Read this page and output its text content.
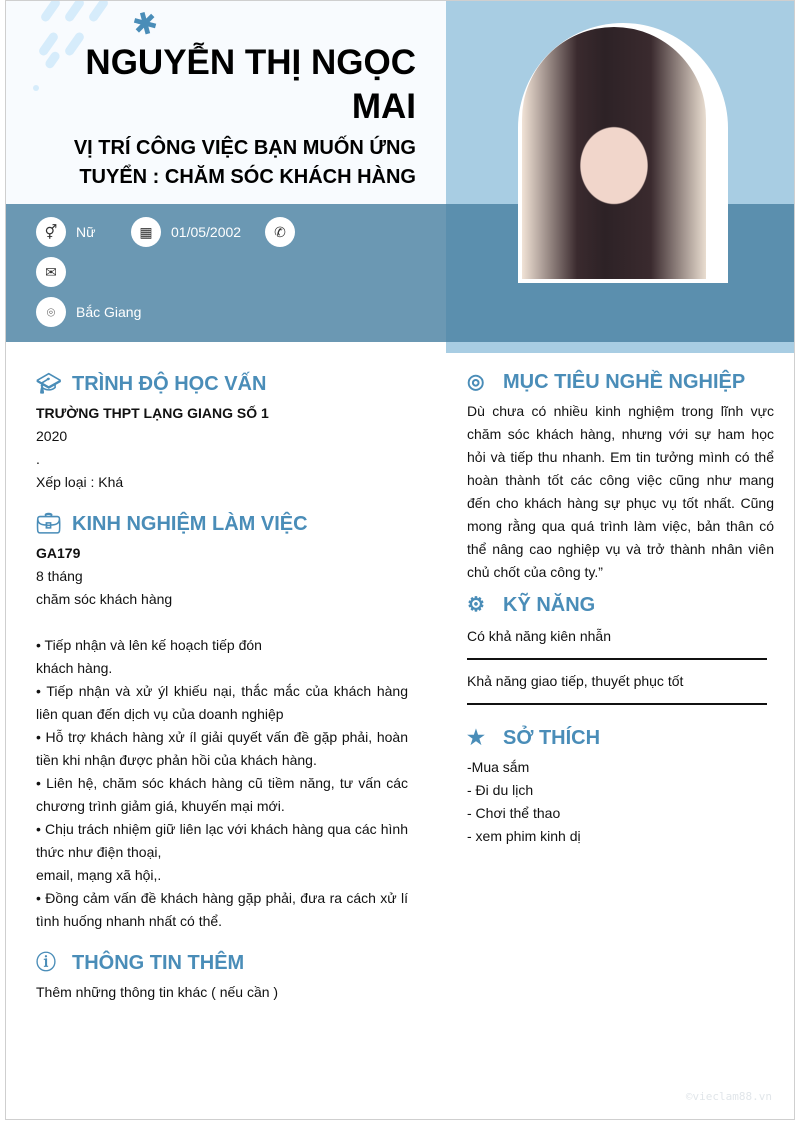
✱
NGUYỄN THỊ NGỌC MAI
VỊ TRÍ CÔNG VIỆC BẠN MUỐN ỨNG TUYỂN : CHĂM SÓC KHÁCH HÀNG
⚥	Nữ	▦	01/05/2002	✆
✉
⌾	Bắc Giang
🎓︎ TRÌNH ĐỘ HỌC VẤN
TRƯỜNG THPT LẠNG GIANG SỐ 1
2020
.
Xếp loại : Khá
💼︎ KINH NGHIỆM LÀM VIỆC
GA179
8 tháng
chăm sóc khách hàng
• Tiếp nhận và lên kế hoạch tiếp đón
khách hàng.
• Tiếp nhận và xử ýl khiếu nại, thắc mắc của khách hàng liên quan đến dịch vụ của doanh nghiệp
• Hỗ trợ khách hàng xử íl giải quyết vấn đề gặp phải, hoàn tiền khi nhận được phản hồi của khách hàng.
• Liên hệ, chăm sóc khách hàng cũ tiềm năng, tư vấn các chương trình giảm giá, khuyến mại mới.
• Chịu trách nhiệm giữ liên lạc với khách hàng qua các hình thức như điện thoại,
email, mạng xã hội,.
• Đồng cảm vấn đề khách hàng gặp phải, đưa ra cách xử lí tình huống nhanh nhất có thể.
ⓘ THÔNG TIN THÊM
Thêm những thông tin khác ( nếu cần )
◎ MỤC TIÊU NGHỀ NGHIỆP
Dù chưa có nhiều kinh nghiệm trong lĩnh vực chăm sóc khách hàng, nhưng với sự ham học hỏi và tiếp thu nhanh. Em tin tưởng mình có thể hoàn thành tốt các công việc cũng như mang đến cho khách hàng sự phục vụ tốt nhất. Cũng mong rằng qua quá trình làm việc, bản thân có thể nâng cao nghiệp vụ và trở thành nhân viên chủ chốt của công ty.”
⚙ KỸ NĂNG
Có khả năng kiên nhẫn
Khả năng giao tiếp, thuyết phục tốt
★ SỞ THÍCH
-Mua sắm
- Đi du lịch
- Chơi thể thao
- xem phim kinh dị
©vieclam88.vn
